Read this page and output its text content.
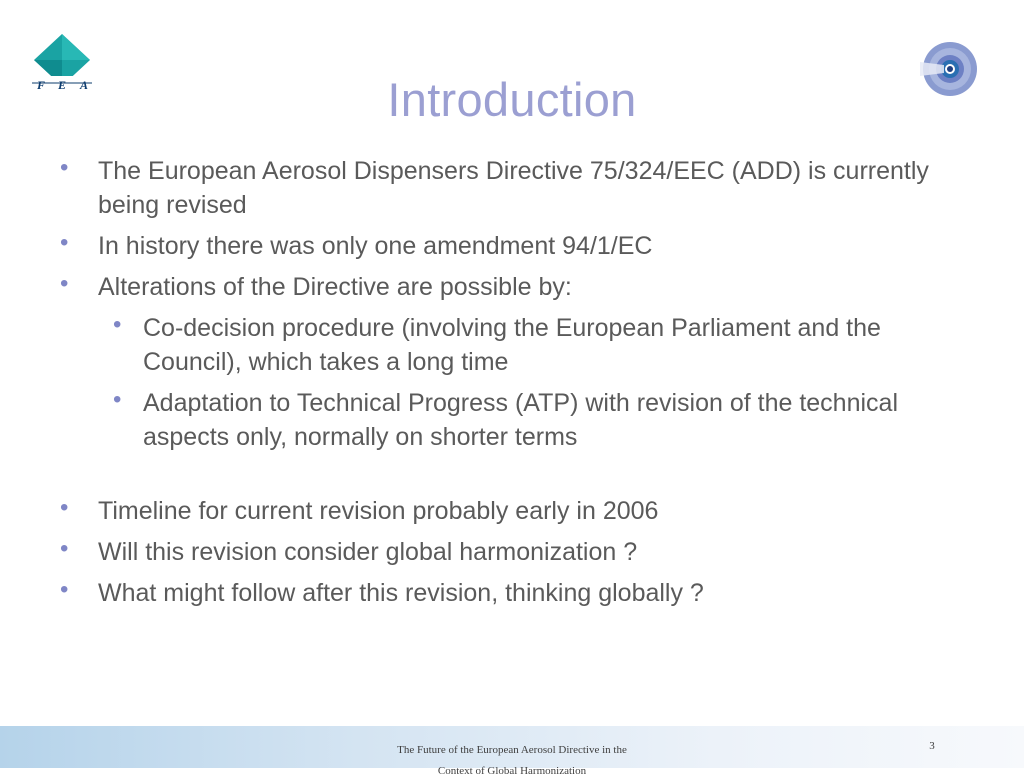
F E A	Introduction
• The European Aerosol Dispensers Directive 75/324/EEC (ADD) is currently being revised
• In history there was only one amendment 94/1/EC
• Alterations of the Directive are possible by:
• Co-decision procedure (involving the European Parliament and the Council), which takes a long time
• Adaptation to Technical Progress (ATP) with revision of the technical aspects only, normally on shorter terms
• Timeline for current revision probably early in 2006
• Will this revision consider global harmonization ?
• What might follow after this revision, thinking globally ?
The Future of the European Aerosol Directive in the
Context of Global Harmonization
3
